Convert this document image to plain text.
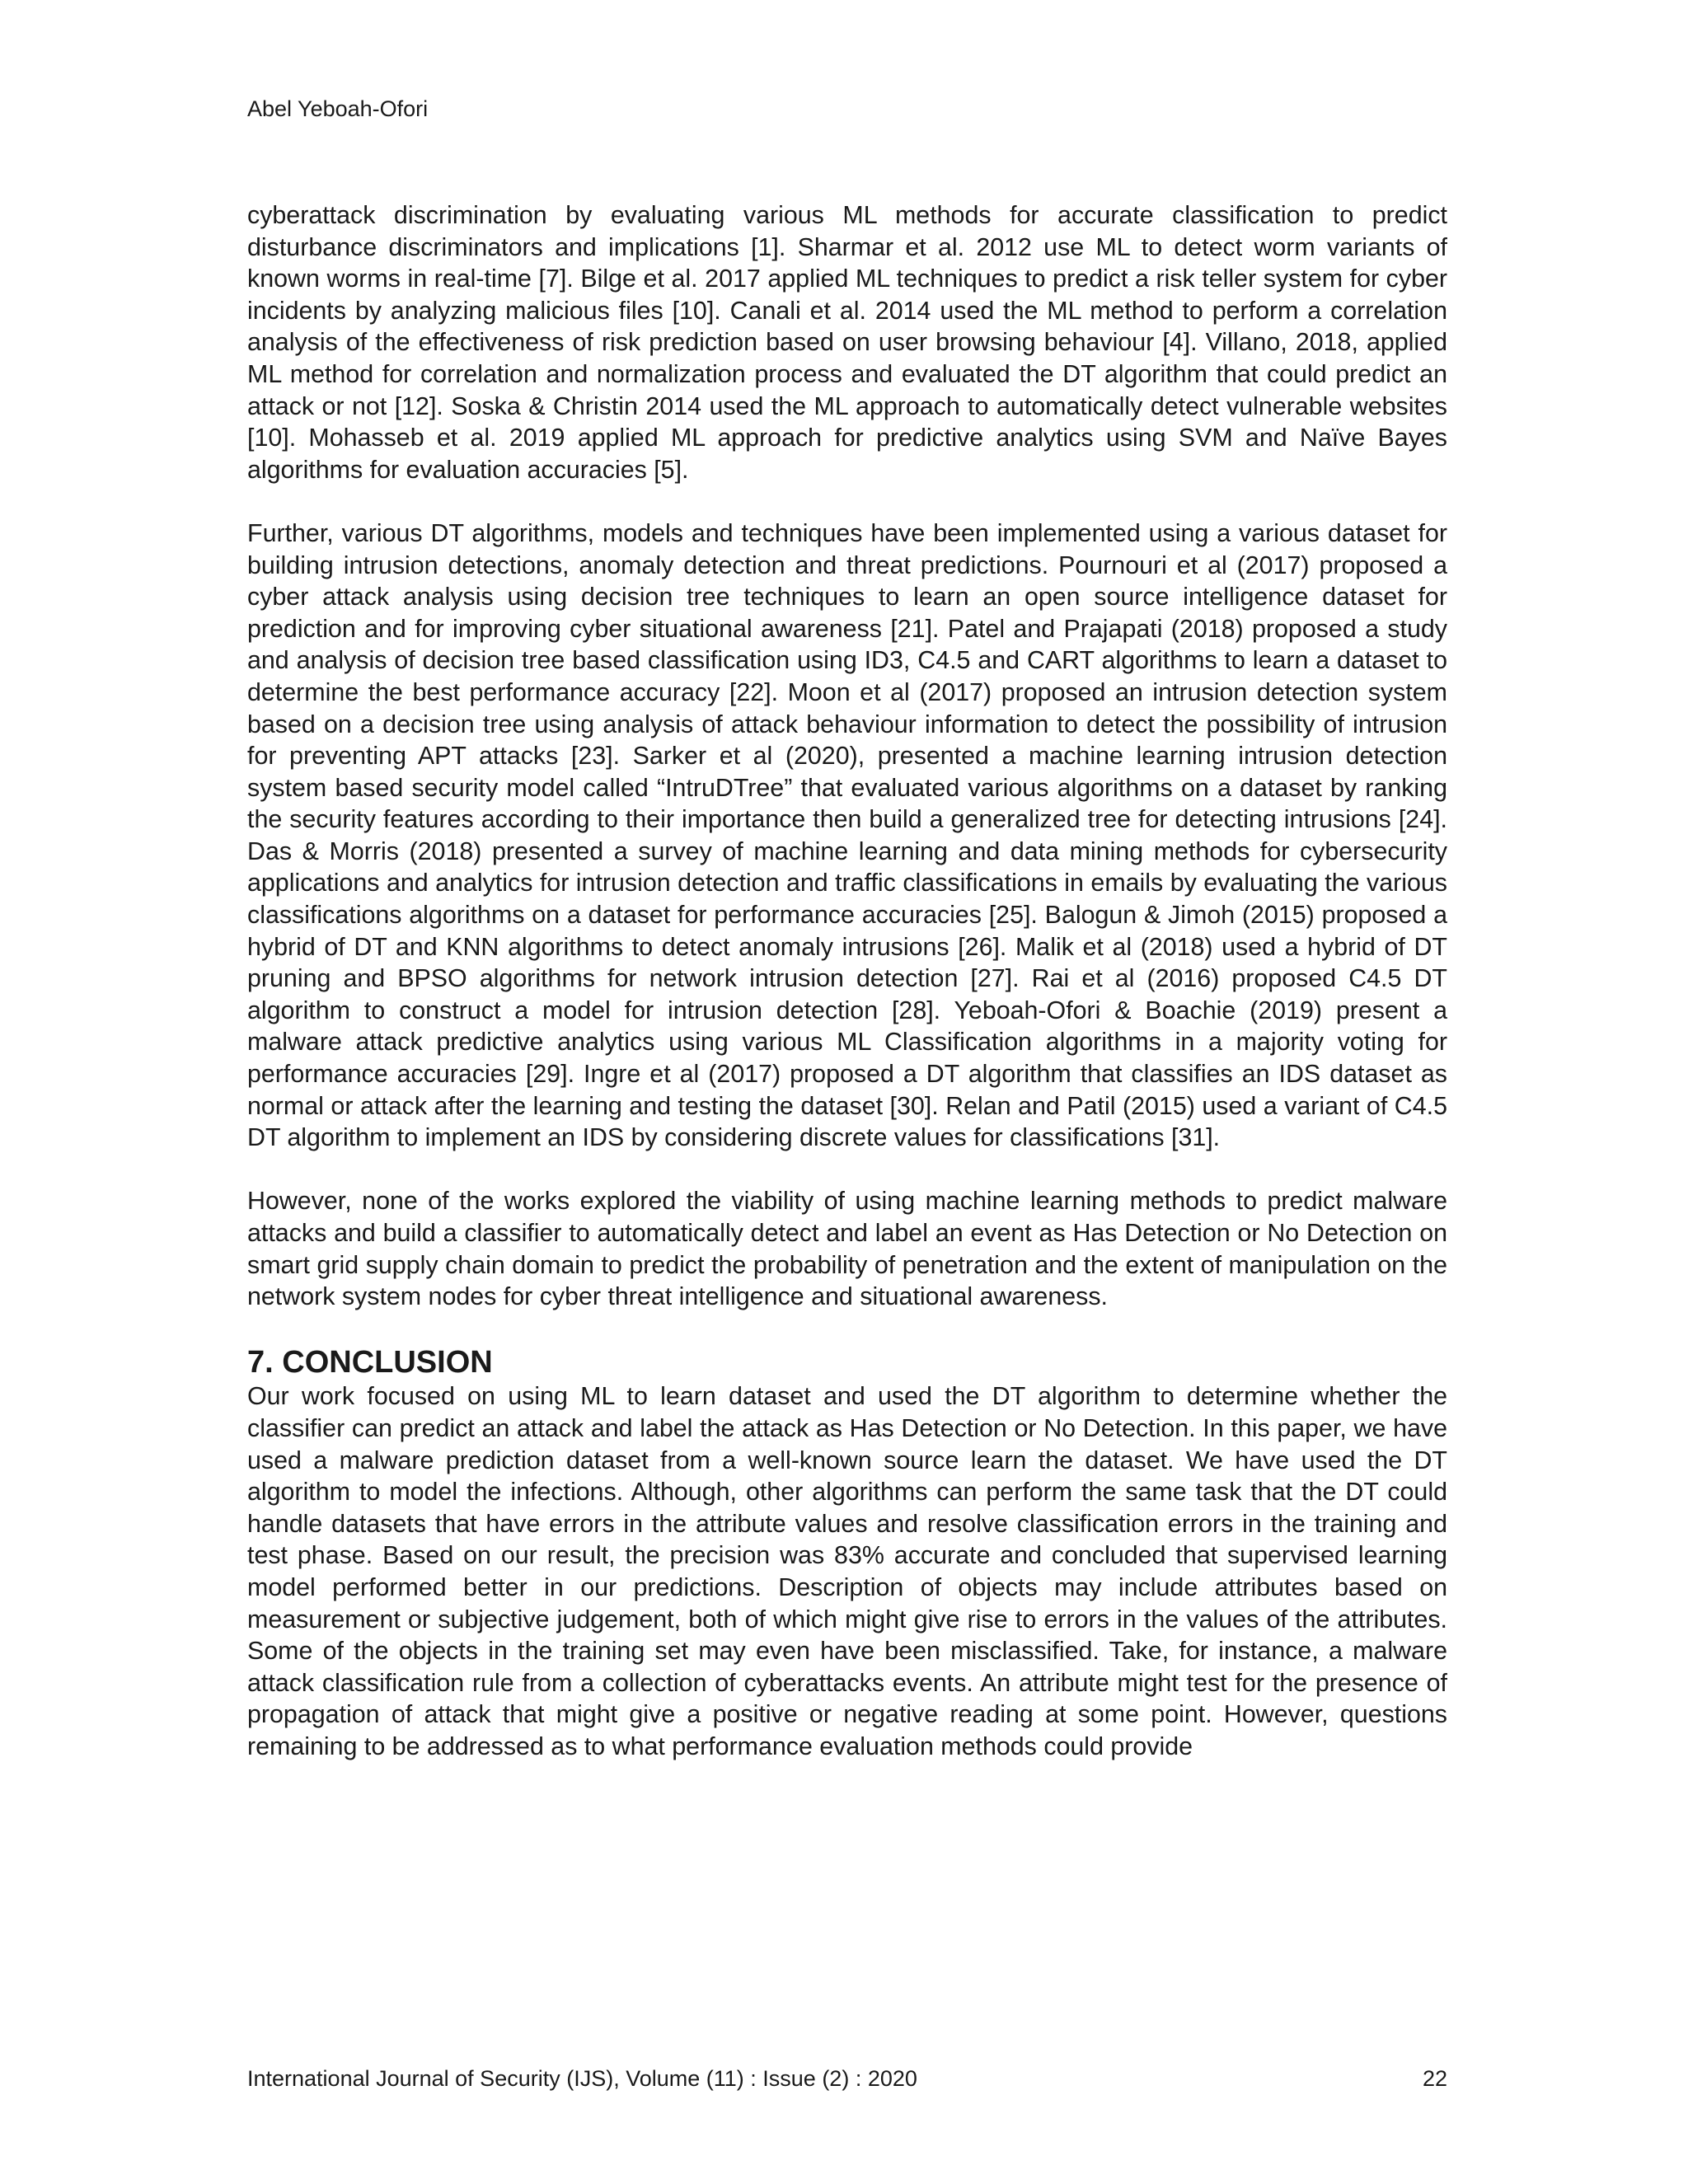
Abel Yeboah-Ofori

cyberattack discrimination by evaluating various ML methods for accurate classification to predict disturbance discriminators and implications [1]. Sharmar et al. 2012 use ML to detect worm variants of known worms in real-time [7]. Bilge et al. 2017 applied ML techniques to predict a risk teller system for cyber incidents by analyzing malicious files [10]. Canali et al. 2014 used the ML method to perform a correlation analysis of the effectiveness of risk prediction based on user browsing behaviour [4]. Villano, 2018, applied ML method for correlation and normalization process and evaluated the DT algorithm that could predict an attack or not [12]. Soska & Christin 2014 used the ML approach to automatically detect vulnerable websites [10]. Mohasseb et al. 2019 applied ML approach for predictive analytics using SVM and Naïve Bayes algorithms for evaluation accuracies [5].

Further, various DT algorithms, models and techniques have been implemented using a various dataset for building intrusion detections, anomaly detection and threat predictions. Pournouri et al (2017) proposed a cyber attack analysis using decision tree techniques to learn an open source intelligence dataset for prediction and for improving cyber situational awareness [21]. Patel and Prajapati (2018) proposed a study and analysis of decision tree based classification using ID3, C4.5 and CART algorithms to learn a dataset to determine the best performance accuracy [22]. Moon et al (2017) proposed an intrusion detection system based on a decision tree using analysis of attack behaviour information to detect the possibility of intrusion for preventing APT attacks [23]. Sarker et al (2020), presented a machine learning intrusion detection system based security model called “IntruDTree” that evaluated various algorithms on a dataset by ranking the security features according to their importance then build a generalized tree for detecting intrusions [24]. Das & Morris (2018) presented a survey of machine learning and data mining methods for cybersecurity applications and analytics for intrusion detection and traffic classifications in emails by evaluating the various classifications algorithms on a dataset for performance accuracies [25]. Balogun & Jimoh (2015) proposed a hybrid of DT and KNN algorithms to detect anomaly intrusions [26]. Malik et al (2018) used a hybrid of DT pruning and BPSO algorithms for network intrusion detection [27]. Rai et al (2016) proposed C4.5 DT algorithm to construct a model for intrusion detection [28]. Yeboah-Ofori & Boachie (2019) present a malware attack predictive analytics using various ML Classification algorithms in a majority voting for performance accuracies [29]. Ingre et al (2017) proposed a DT algorithm that classifies an IDS dataset as normal or attack after the learning and testing the dataset [30]. Relan and Patil (2015) used a variant of C4.5 DT algorithm to implement an IDS by considering discrete values for classifications [31].

However, none of the works explored the viability of using machine learning methods to predict malware attacks and build a classifier to automatically detect and label an event as Has Detection or No Detection on smart grid supply chain domain to predict the probability of penetration and the extent of manipulation on the network system nodes for cyber threat intelligence and situational awareness.

7. CONCLUSION

Our work focused on using ML to learn dataset and used the DT algorithm to determine whether the classifier can predict an attack and label the attack as Has Detection or No Detection. In this paper, we have used a malware prediction dataset from a well-known source learn the dataset. We have used the DT algorithm to model the infections. Although, other algorithms can perform the same task that the DT could handle datasets that have errors in the attribute values and resolve classification errors in the training and test phase. Based on our result, the precision was 83% accurate and concluded that supervised learning model performed better in our predictions. Description of objects may include attributes based on measurement or subjective judgement, both of which might give rise to errors in the values of the attributes. Some of the objects in the training set may even have been misclassified. Take, for instance, a malware attack classification rule from a collection of cyberattacks events. An attribute might test for the presence of propagation of attack that might give a positive or negative reading at some point. However, questions remaining to be addressed as to what performance evaluation methods could provide

International Journal of Security (IJS), Volume (11) : Issue (2) : 2020	22
